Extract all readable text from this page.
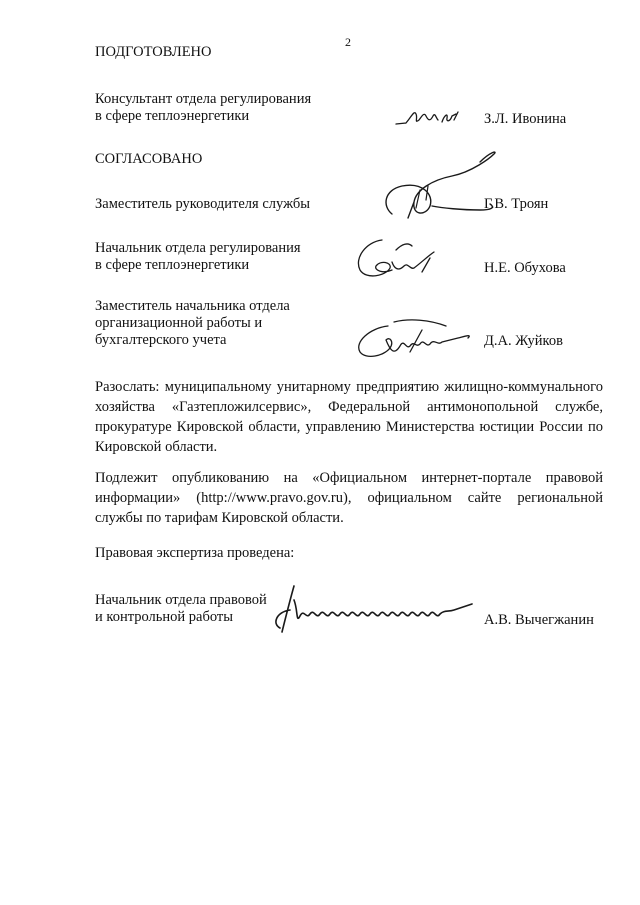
2
ПОДГОТОВЛЕНО
Консультант отдела регулирования
в сфере теплоэнергетики	З.Л. Ивонина
СОГЛАСОВАНО
Заместитель руководителя службы	Г.В. Троян
Начальник отдела регулирования
в сфере теплоэнергетики	Н.Е. Обухова
Заместитель начальника отдела
организационной работы и
бухгалтерского учета	Д.А. Жуйков
Разослать: муниципальному унитарному предприятию жилищно-коммунального хозяйства «Газтепложилсервис», Федеральной антимонопольной службе, прокуратуре Кировской области, управлению Министерства юстиции России по Кировской области.
Подлежит опубликованию на «Официальном интернет-портале правовой информации» (http://www.pravo.gov.ru), официальном сайте региональной службы по тарифам Кировской области.
Правовая экспертиза проведена:
Начальник отдела правовой
и контрольной работы	А.В. Вычегжанин
